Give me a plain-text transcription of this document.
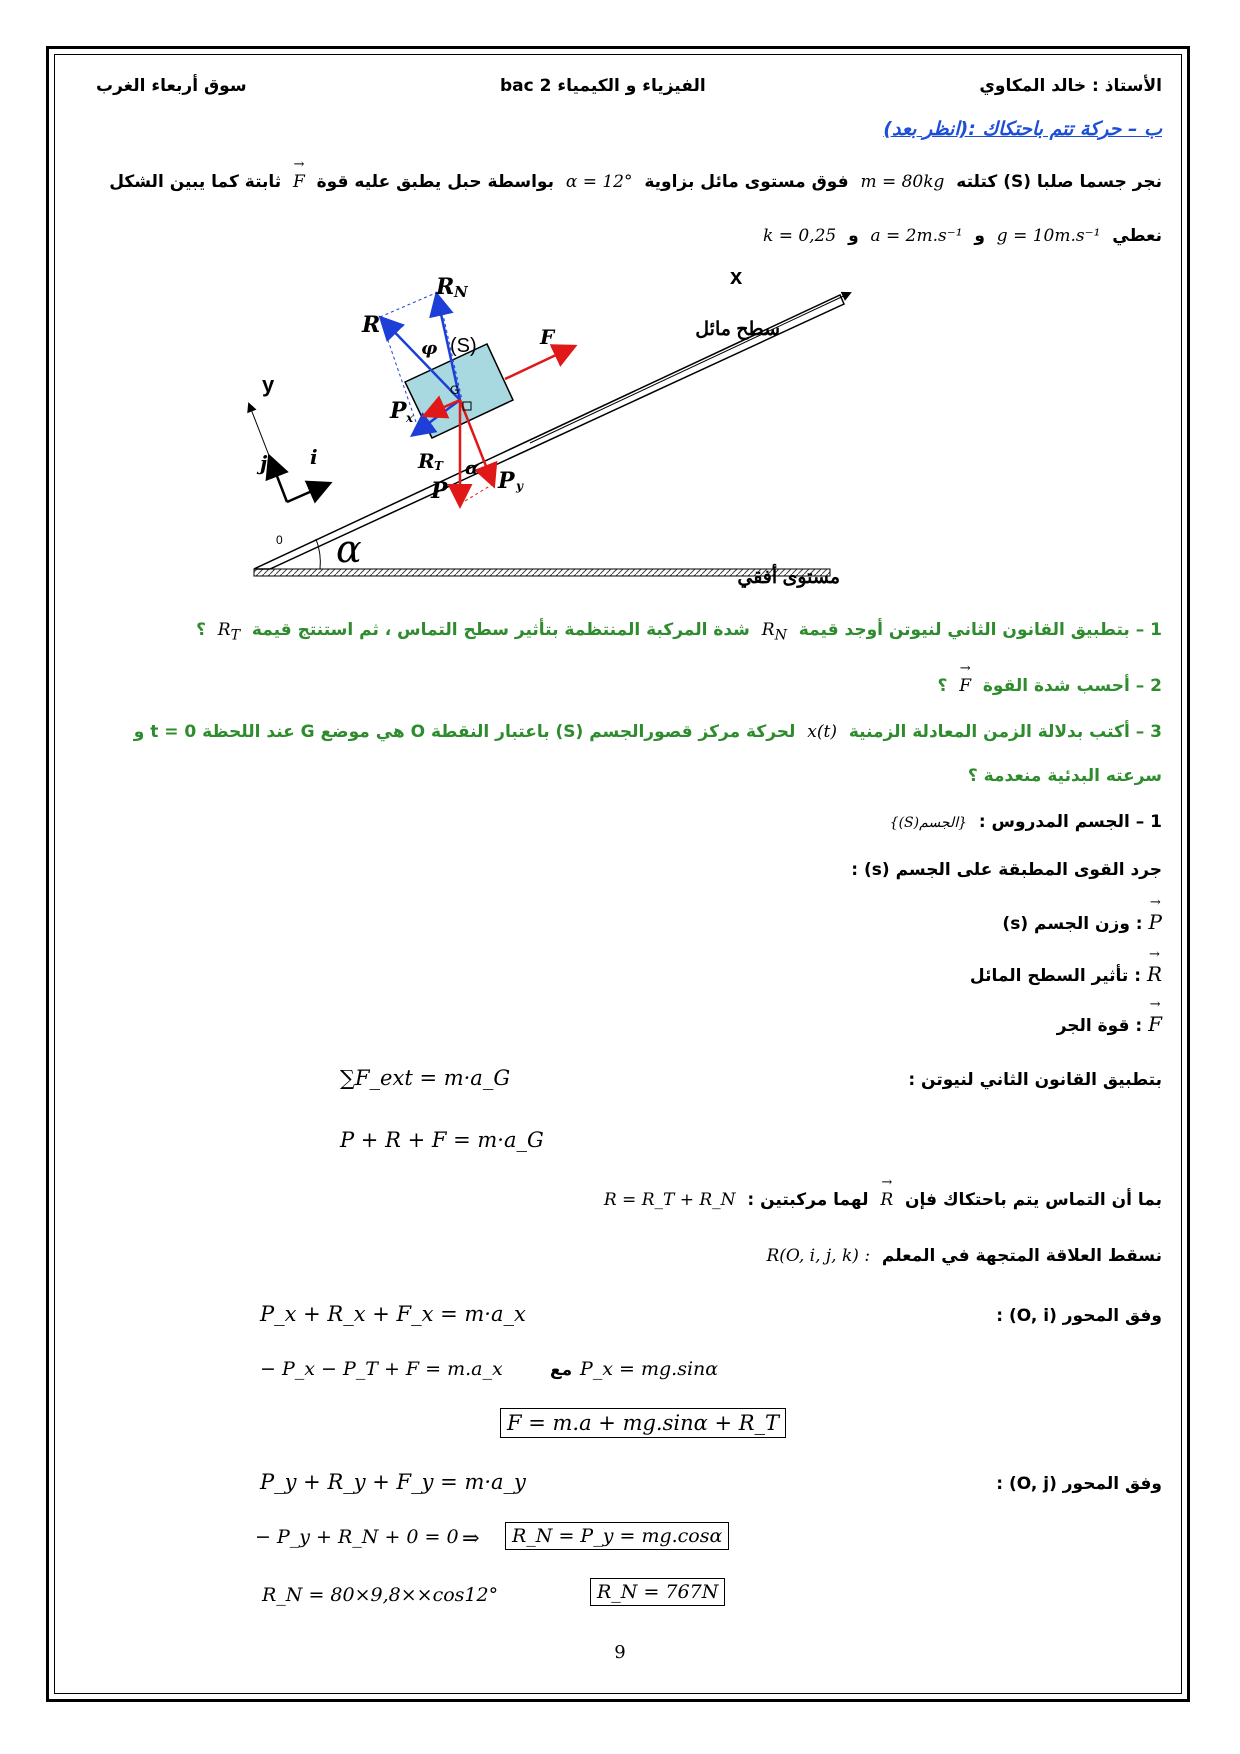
الأستاذ : خالد المكاوي
الفيزياء و الكيمياء 2 bac
سوق أربعاء الغرب
ب – حركة تتم باحتكاك :(انظر بعد)
نجر جسما صلبا (S) كتلته  m = 80kg  فوق مستوى مائل بزاوية  α = 12°  بواسطة حبل يطبق عليه قوة  → F  ثابتة كما يبين الشكل
نعطي  g = 10m.s⁻¹  و  a = 2m.s⁻¹  و  k = 0,25
x
y
0 α
i
j
R
R N
φ (S)	F
G
P x
R T α
P P y
سطح مائل
مستوى أفقي
1 – بتطبيق القانون الثاني لنيوتن أوجد قيمة  $R_N$  شدة المركبة المنتظمة بتأثير سطح التماس ، ثم استنتج قيمة  $R_T$  ؟
2 – أحسب شدة القوة  → F  ؟
3 – أكتب بدلالة الزمن المعادلة الزمنية  x(t)  لحركة مركز قصورالجسم (S) باعتبار النقطة O هي موضع G عند اللحظة 0 = t و
سرعته البدئية منعدمة ؟
1 – الجسم المدروس :  {الجسم(S)}
جرد القوى المطبقة على الجسم (s) :
→ P : وزن الجسم (s)
→ R : تأثير السطح المائل
→ F : قوة الجر
بتطبيق القانون الثاني لنيوتن :
∑F_ext = m·a_G
P + R + F = m·a_G
بما أن التماس يتم باحتكاك فإن  → R  لهما مركبتين :  R = R_T + R_N
نسقط العلاقة المتجهة في المعلم  R(O, i, j, k) :
وفق المحور (O, i) :
P_x + R_x + F_x = m·a_x
− P_x − P_T + F = m.a_x	مع P_x = mg.sinα
F = m.a + mg.sinα + R_T
وفق المحور (O, j) :
P_y + R_y + F_y = m·a_y
− P_y + R_N + 0 = 0 ⇒	R_N = P_y = mg.cosα
R_N = 80×9,8××cos12°	R_N = 767N
9
